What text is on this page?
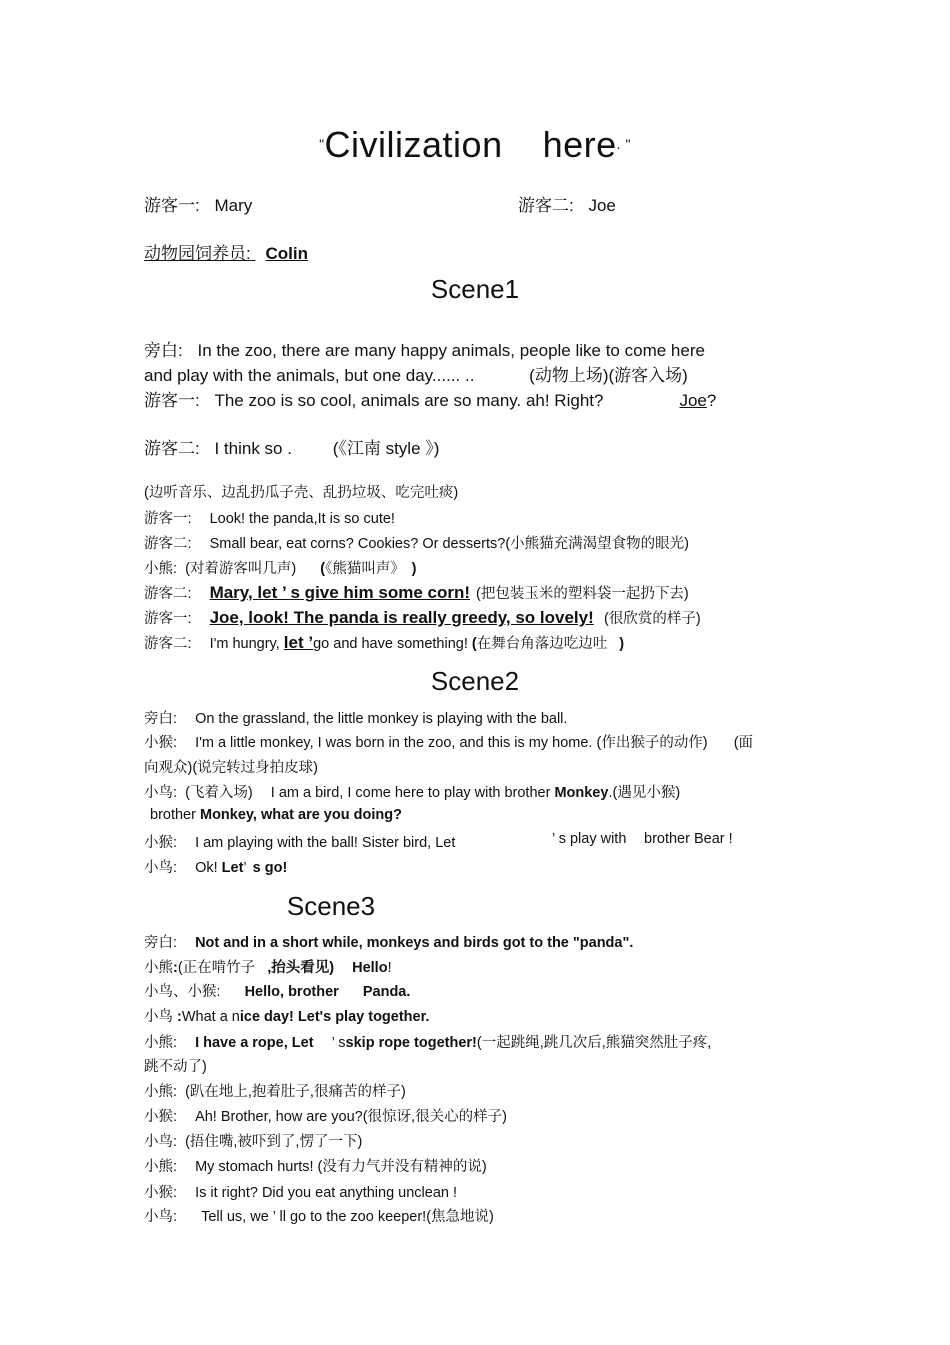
"Civilization here. "
游客一: Mary	游客二: Joe
动物园饲养员: Colin
Scene1
旁白: In the zoo, there are many happy animals, people like to come here
and play with the animals, but one day...... ..	(动物上场)(游客入场)
游客一: The zoo is so cool, animals are so many. ah! Right?	Joe?
游客二: I think so . (《江南 style 》)
(边听音乐、边乱扔瓜子壳、乱扔垃圾、吃完吐痰)
游客一: Look! the panda,It is so cute!
游客二: Small bear, eat corns? Cookies? Or desserts?(小熊猫充满渴望食物的眼光)
小熊: (对着游客叫几声) (《熊猫叫声》 )
游客二: Mary, let ’ s give him some corn! (把包装玉米的塑料袋一起扔下去)
游客一: Joe, look! The panda is really greedy, so lovely! (很欣赏的样子)
游客二: I'm hungry, let ’go and have something! (在舞台角落边吃边吐 )
Scene2
旁白: On the grassland, the little monkey is playing with the ball.
小猴: I'm a little monkey, I was born in the zoo, and this is my home. (作出猴子的动作) (面
向观众)(说完转过身拍皮球)
小鸟: (飞着入场) I am a bird, I come here to play with brother Monkey.(遇见小猴)
brother Monkey, what are you doing?
小猴: I am playing with the ball! Sister bird, Let	’ s play with brother Bear !
小鸟: Ok! Let’ s go!
Scene3
旁白: Not and in a short while, monkeys and birds got to the "panda".
小熊:(正在啃竹子 ,抬头看见) Hello!
小鸟、小猴: Hello, brother Panda.
小鸟 :What a nice day! Let's play together.
小熊: I have a rope, Let ’ sskip rope together!(一起跳绳,跳几次后,熊猫突然肚子疼,
跳不动了)
小熊: (趴在地上,抱着肚子,很痛苦的样子)
小猴: Ah! Brother, how are you?(很惊讶,很关心的样子)
小鸟: (捂住嘴,被吓到了,愣了一下)
小熊: My stomach hurts! (没有力气并没有精神的说)
小猴: Is it right? Did you eat anything unclean !
小鸟: Tell us, we ’ ll go to the zoo keeper!(焦急地说)
